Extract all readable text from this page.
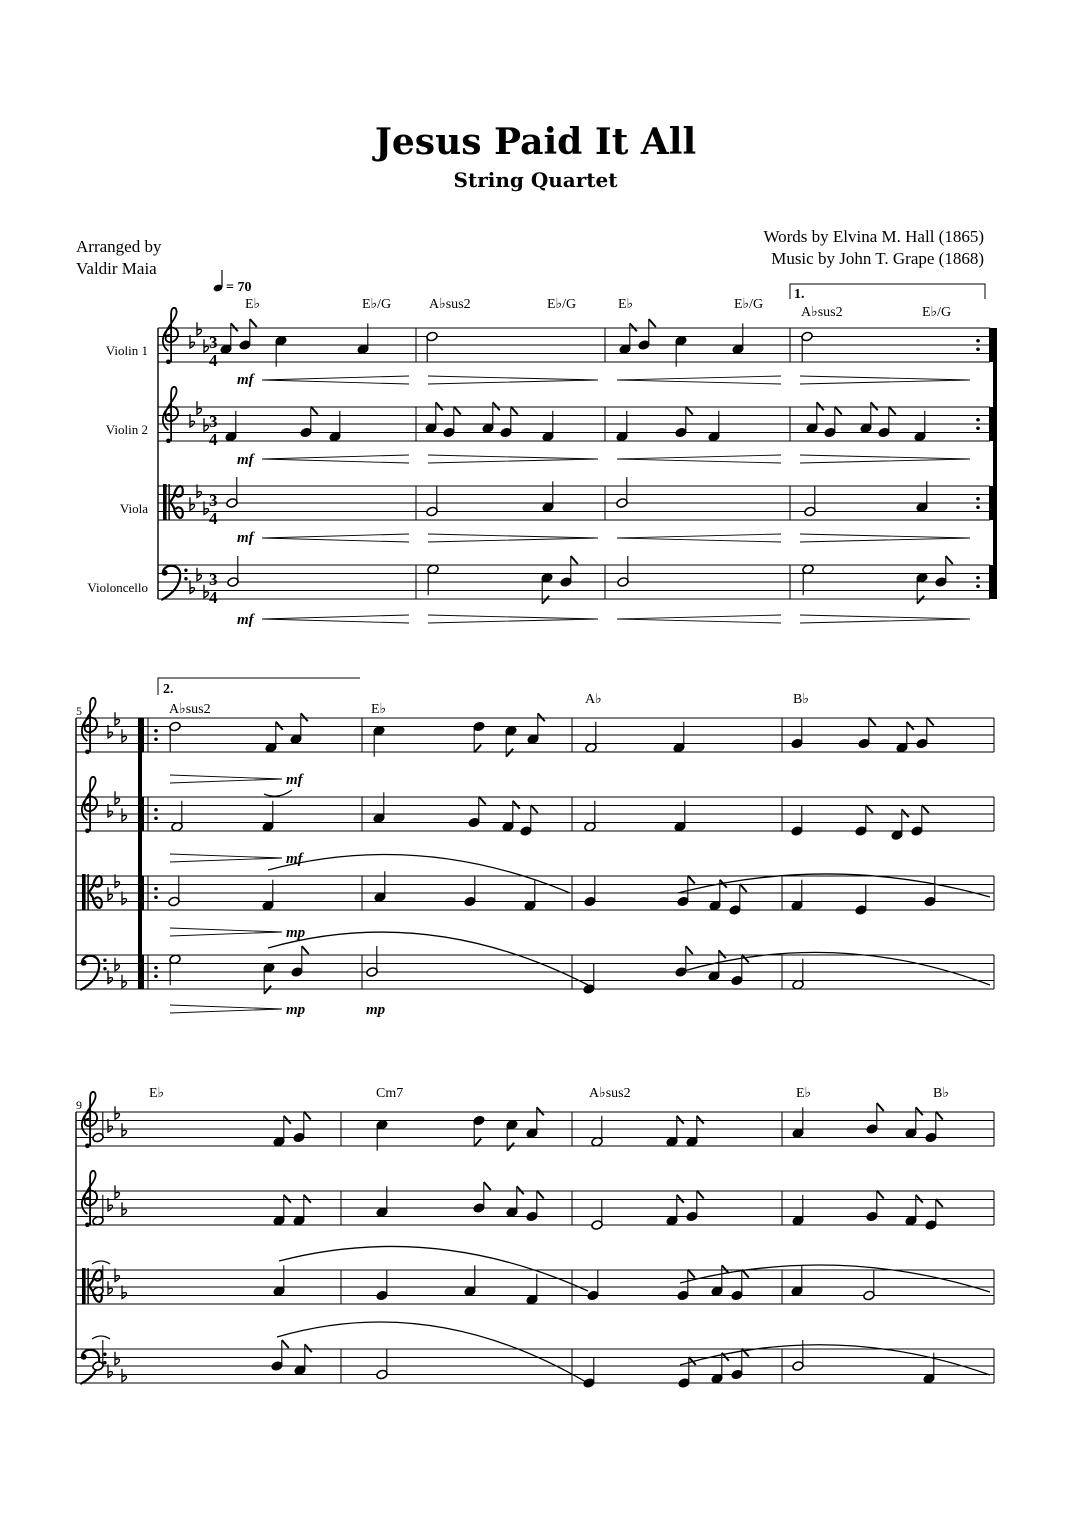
Jesus Paid It All
String Quartet
Arranged by
Valdir Maia
Words by Elvina M. Hall (1865)
Music by John T. Grape (1868)
= 70
Violin 1
Violin 2
Viola
Violoncello
3
4
3
4
3
4
3
4
E♭	E♭/G	A♭sus2	E♭/G	E♭	E♭/G
A♭sus2	E♭/G
1.
mf
mf
mf
mf
5
2.
A♭sus2	E♭
A♭	B♭
mf
mf
mp
mp	mp
9
E♭	Cm7	A♭sus2	E♭	B♭
